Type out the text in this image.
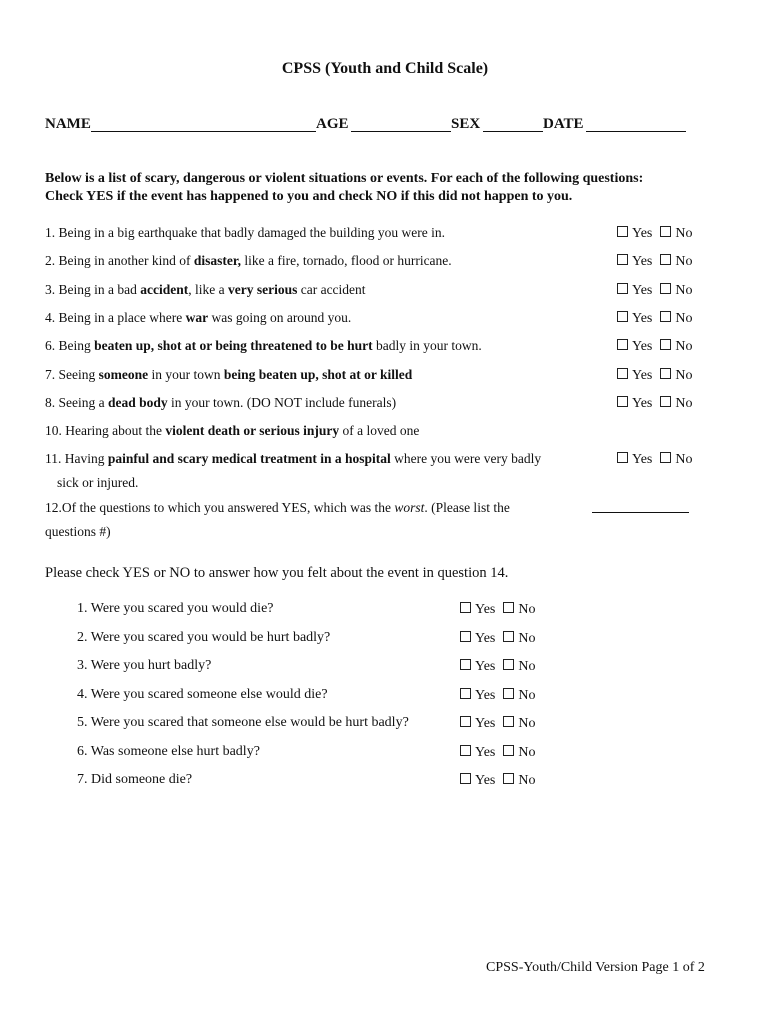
CPSS (Youth and Child Scale)
NAME	AGE	SEX	DATE
Below is a list of scary, dangerous or violent situations or events. For each of the following questions:
Check YES if the event has happened to you and check NO if this did not happen to you.
1. Being in a big earthquake that badly damaged the building you were in.	Yes No
2. Being in another kind of disaster, like a fire, tornado, flood or hurricane.	Yes No
3. Being in a bad accident, like a very serious car accident	Yes No
4. Being in a place where war was going on around you.	Yes No
6. Being beaten up, shot at or being threatened to be hurt badly in your town.	Yes No
7. Seeing someone in your town being beaten up, shot at or killed	Yes No
8. Seeing a dead body in your town. (DO NOT include funerals)	Yes No
10. Hearing about the violent death or serious injury of a loved one
11. Having painful and scary medical treatment in a hospital where you were very badly	Yes No
sick or injured.
12.Of the questions to which you answered YES, which was the worst. (Please list the
questions #)
Please check YES or NO to answer how you felt about the event in question 14.
1. Were you scared you would die?	Yes No
2. Were you scared you would be hurt badly?	Yes No
3. Were you hurt badly?	Yes No
4. Were you scared someone else would die?	Yes No
5. Were you scared that someone else would be hurt badly?	Yes No
6. Was someone else hurt badly?	Yes No
7. Did someone die?	Yes No
CPSS-Youth/Child Version Page 1 of 2
